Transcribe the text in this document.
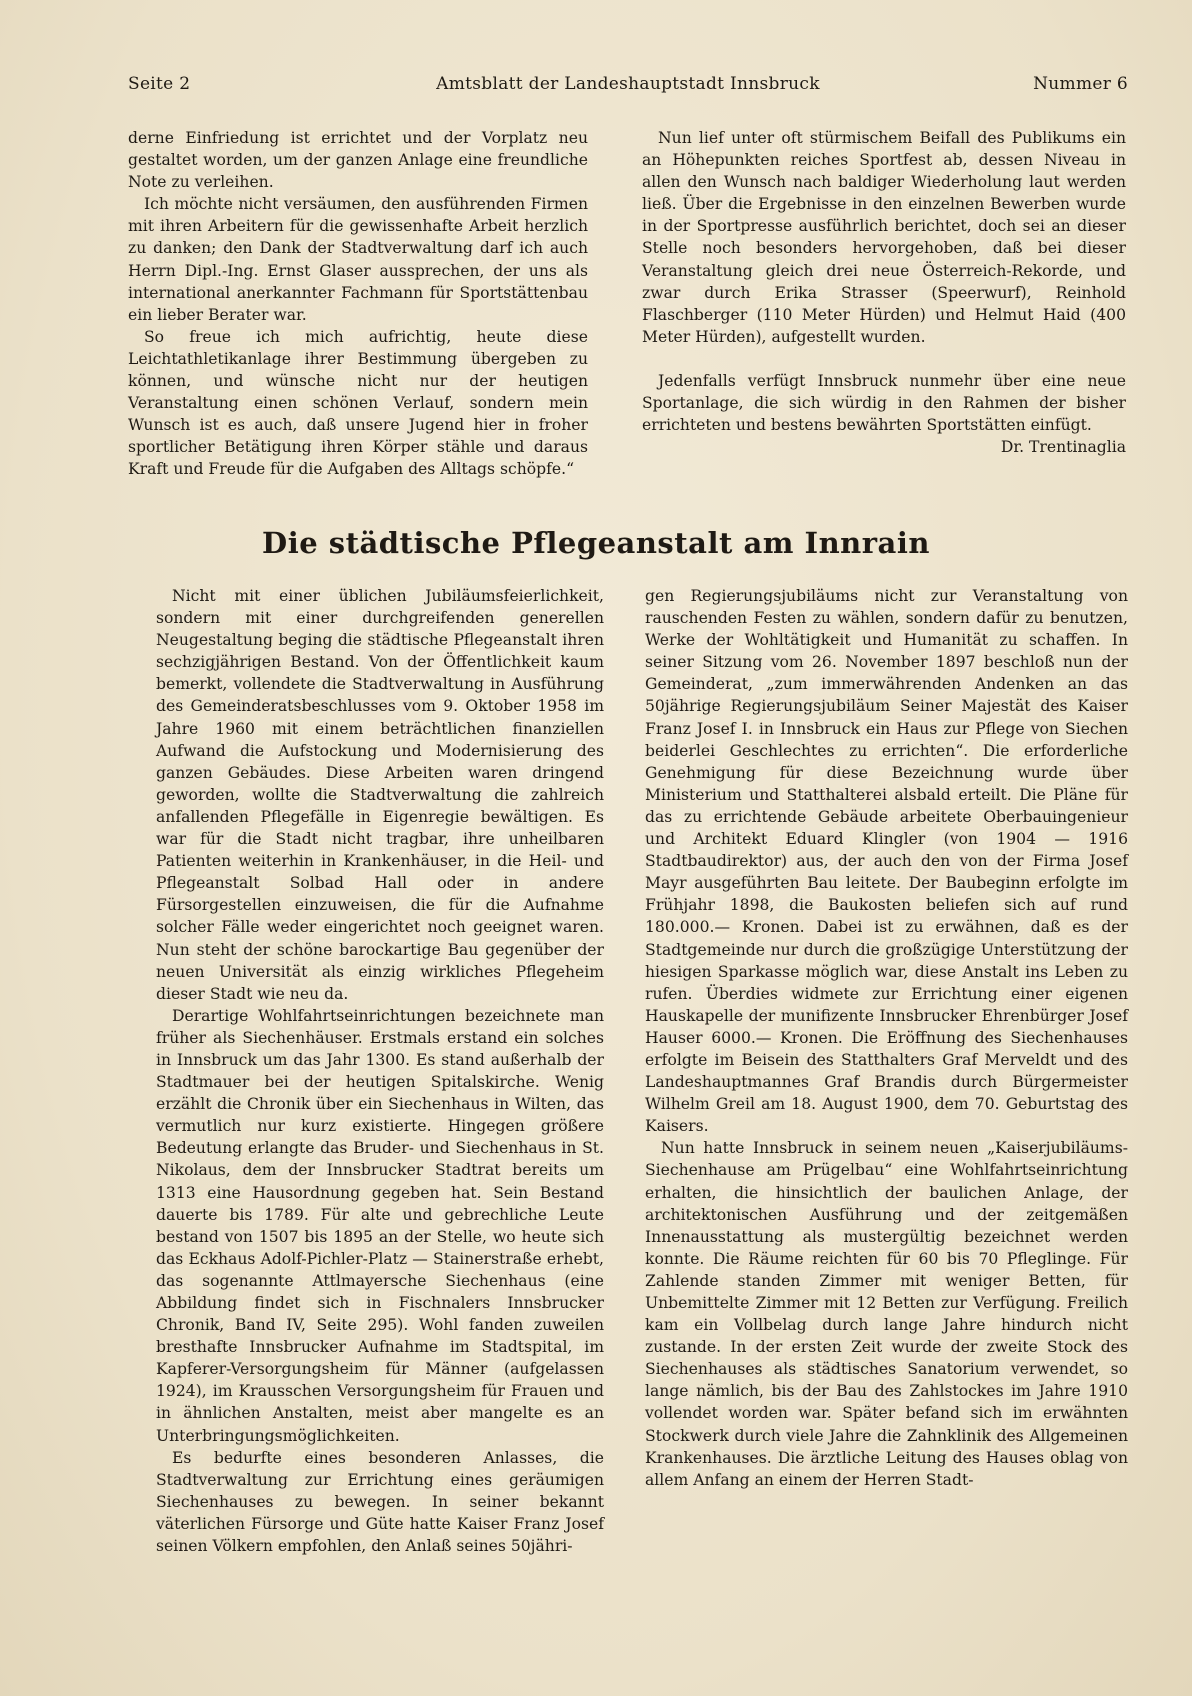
Seite 2	Amtsblatt der Landeshauptstadt Innsbruck	Nummer 6

derne Einfriedung ist errichtet und der Vorplatz neu gestaltet worden, um der ganzen Anlage eine freundliche Note zu verleihen.

Ich möchte nicht versäumen, den ausführenden Firmen mit ihren Arbeitern für die gewissenhafte Arbeit herzlich zu danken; den Dank der Stadtverwaltung darf ich auch Herrn Dipl.-Ing. Ernst Glaser aussprechen, der uns als international anerkannter Fachmann für Sportstättenbau ein lieber Berater war.

So freue ich mich aufrichtig, heute diese Leichtathletikanlage ihrer Bestimmung übergeben zu können, und wünsche nicht nur der heutigen Veranstaltung einen schönen Verlauf, sondern mein Wunsch ist es auch, daß unsere Jugend hier in froher sportlicher Betätigung ihren Körper stähle und daraus Kraft und Freude für die Aufgaben des Alltags schöpfe.“

Nun lief unter oft stürmischem Beifall des Publikums ein an Höhepunkten reiches Sportfest ab, dessen Niveau in allen den Wunsch nach baldiger Wiederholung laut werden ließ. Über die Ergebnisse in den einzelnen Bewerben wurde in der Sportpresse ausführlich berichtet, doch sei an dieser Stelle noch besonders hervorgehoben, daß bei dieser Veranstaltung gleich drei neue Österreich-Rekorde, und zwar durch Erika Strasser (Speerwurf), Reinhold Flaschberger (110 Meter Hürden) und Helmut Haid (400 Meter Hürden), aufgestellt wurden.

Jedenfalls verfügt Innsbruck nunmehr über eine neue Sportanlage, die sich würdig in den Rahmen der bisher errichteten und bestens bewährten Sportstätten einfügt.

Dr. Trentinaglia
Die städtische Pflegeanstalt am Innrain

Nicht mit einer üblichen Jubiläumsfeierlichkeit, sondern mit einer durchgreifenden generellen Neugestaltung beging die städtische Pflegeanstalt ihren sechzigjährigen Bestand. Von der Öffentlichkeit kaum bemerkt, vollendete die Stadtverwaltung in Ausführung des Gemeinderatsbeschlusses vom 9. Oktober 1958 im Jahre 1960 mit einem beträchtlichen finanziellen Aufwand die Aufstockung und Modernisierung des ganzen Gebäudes. Diese Arbeiten waren dringend geworden, wollte die Stadtverwaltung die zahlreich anfallenden Pflegefälle in Eigenregie bewältigen. Es war für die Stadt nicht tragbar, ihre unheilbaren Patienten weiterhin in Krankenhäuser, in die Heil- und Pflegeanstalt Solbad Hall oder in andere Fürsorgestellen einzuweisen, die für die Aufnahme solcher Fälle weder eingerichtet noch geeignet waren. Nun steht der schöne barockartige Bau gegenüber der neuen Universität als einzig wirkliches Pflegeheim dieser Stadt wie neu da.

Derartige Wohlfahrtseinrichtungen bezeichnete man früher als Siechenhäuser. Erstmals erstand ein solches in Innsbruck um das Jahr 1300. Es stand außerhalb der Stadtmauer bei der heutigen Spitalskirche. Wenig erzählt die Chronik über ein Siechenhaus in Wilten, das vermutlich nur kurz existierte. Hingegen größere Bedeutung erlangte das Bruder- und Siechenhaus in St. Nikolaus, dem der Innsbrucker Stadtrat bereits um 1313 eine Hausordnung gegeben hat. Sein Bestand dauerte bis 1789. Für alte und gebrechliche Leute bestand von 1507 bis 1895 an der Stelle, wo heute sich das Eckhaus Adolf-Pichler-Platz — Stainerstraße erhebt, das sogenannte Attlmayersche Siechenhaus (eine Abbildung findet sich in Fischnalers Innsbrucker Chronik, Band IV, Seite 295). Wohl fanden zuweilen bresthafte Innsbrucker Aufnahme im Stadtspital, im Kapferer-Versorgungsheim für Männer (aufgelassen 1924), im Krausschen Versorgungsheim für Frauen und in ähnlichen Anstalten, meist aber mangelte es an Unterbringungsmöglichkeiten.

Es bedurfte eines besonderen Anlasses, die Stadtverwaltung zur Errichtung eines geräumigen Siechenhauses zu bewegen. In seiner bekannt väterlichen Fürsorge und Güte hatte Kaiser Franz Josef seinen Völkern empfohlen, den Anlaß seines 50jähri-

gen Regierungsjubiläums nicht zur Veranstaltung von rauschenden Festen zu wählen, sondern dafür zu benutzen, Werke der Wohltätigkeit und Humanität zu schaffen. In seiner Sitzung vom 26. November 1897 beschloß nun der Gemeinderat, „zum immerwährenden Andenken an das 50jährige Regierungsjubiläum Seiner Majestät des Kaiser Franz Josef I. in Innsbruck ein Haus zur Pflege von Siechen beiderlei Geschlechtes zu errichten“. Die erforderliche Genehmigung für diese Bezeichnung wurde über Ministerium und Statthalterei alsbald erteilt. Die Pläne für das zu errichtende Gebäude arbeitete Oberbauingenieur und Architekt Eduard Klingler (von 1904 — 1916 Stadtbaudirektor) aus, der auch den von der Firma Josef Mayr ausgeführten Bau leitete. Der Baubeginn erfolgte im Frühjahr 1898, die Baukosten beliefen sich auf rund 180.000.— Kronen. Dabei ist zu erwähnen, daß es der Stadtgemeinde nur durch die großzügige Unterstützung der hiesigen Sparkasse möglich war, diese Anstalt ins Leben zu rufen. Überdies widmete zur Errichtung einer eigenen Hauskapelle der munifizente Innsbrucker Ehrenbürger Josef Hauser 6000.— Kronen. Die Eröffnung des Siechenhauses erfolgte im Beisein des Statthalters Graf Merveldt und des Landeshauptmannes Graf Brandis durch Bürgermeister Wilhelm Greil am 18. August 1900, dem 70. Geburtstag des Kaisers.

Nun hatte Innsbruck in seinem neuen „Kaiserjubiläums-Siechenhause am Prügelbau“ eine Wohlfahrtseinrichtung erhalten, die hinsichtlich der baulichen Anlage, der architektonischen Ausführung und der zeitgemäßen Innenausstattung als mustergültig bezeichnet werden konnte. Die Räume reichten für 60 bis 70 Pfleglinge. Für Zahlende standen Zimmer mit weniger Betten, für Unbemittelte Zimmer mit 12 Betten zur Verfügung. Freilich kam ein Vollbelag durch lange Jahre hindurch nicht zustande. In der ersten Zeit wurde der zweite Stock des Siechenhauses als städtisches Sanatorium verwendet, so lange nämlich, bis der Bau des Zahlstockes im Jahre 1910 vollendet worden war. Später befand sich im erwähnten Stockwerk durch viele Jahre die Zahnklinik des Allgemeinen Krankenhauses. Die ärztliche Leitung des Hauses oblag von allem Anfang an einem der Herren Stadt-
